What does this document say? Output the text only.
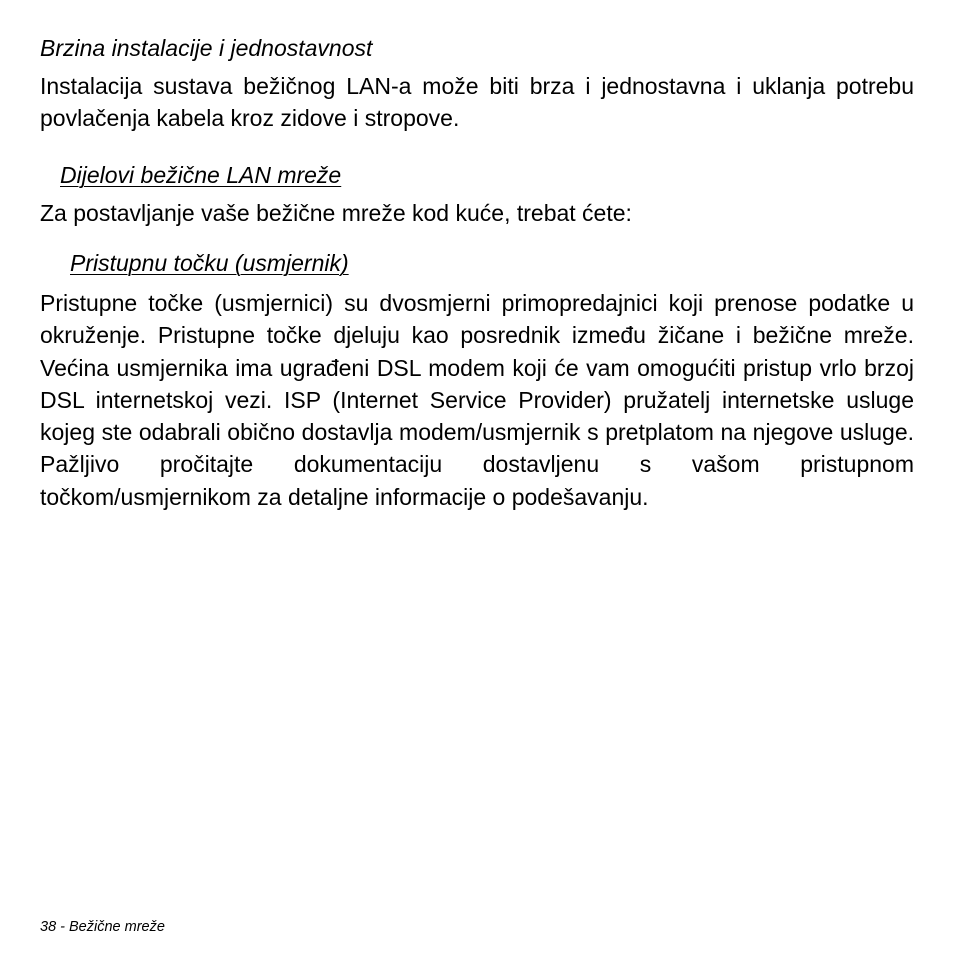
Brzina instalacije i jednostavnost

Instalacija sustava bežičnog LAN-a može biti brza i jednostavna i uklanja potrebu povlačenja kabela kroz zidove i stropove.

Dijelovi bežične LAN mreže

Za postavljanje vaše bežične mreže kod kuće, trebat ćete:

Pristupnu točku (usmjernik)

Pristupne točke (usmjernici) su dvosmjerni primopredajnici koji prenose podatke u okruženje. Pristupne točke djeluju kao posrednik između žičane i bežične mreže. Većina usmjernika ima ugrađeni DSL modem koji će vam omogućiti pristup vrlo brzoj DSL internetskoj vezi. ISP (Internet Service Provider) pružatelj internetske usluge kojeg ste odabrali obično dostavlja modem/usmjernik s pretplatom na njegove usluge. Pažljivo pročitajte dokumentaciju dostavljenu s vašom pristupnom točkom/usmjernikom za detaljne informacije o podešavanju.

38 - Bežične mreže
